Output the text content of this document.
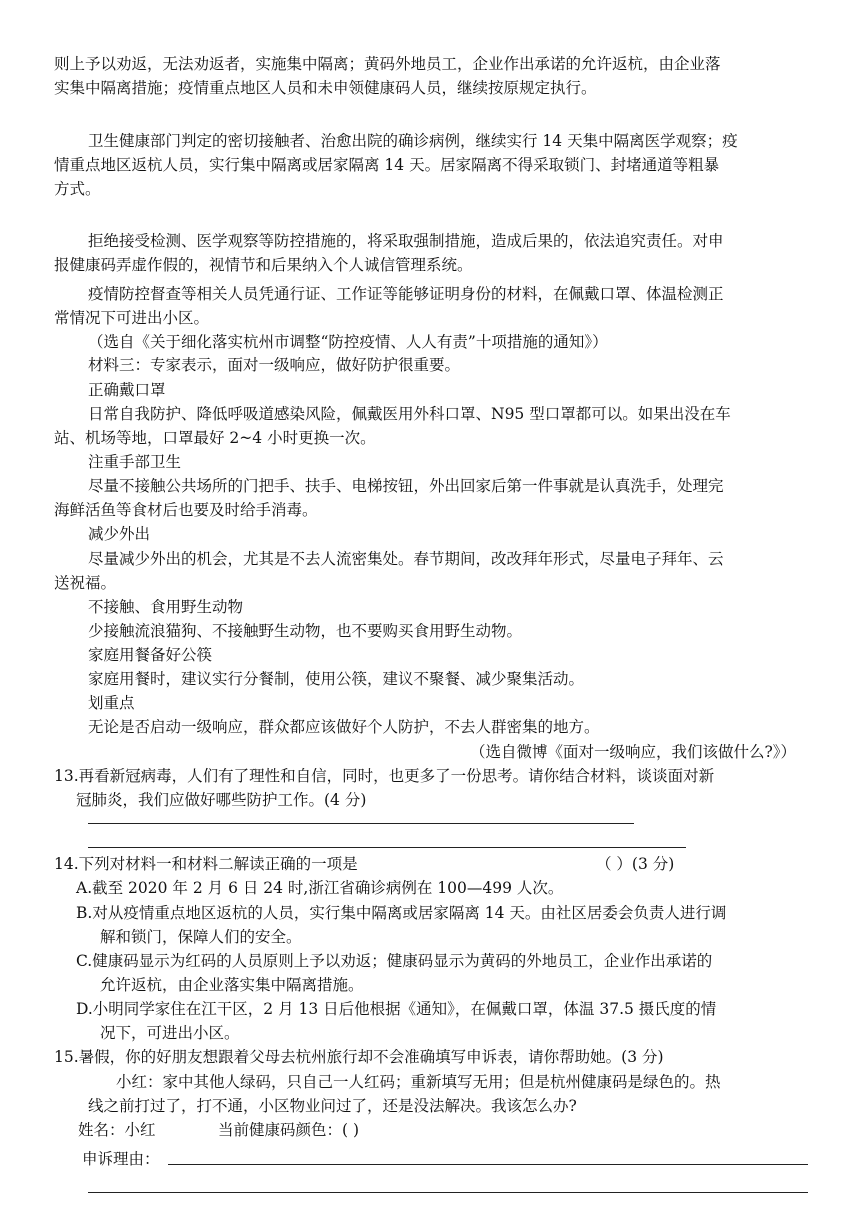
则上予以劝返，无法劝返者，实施集中隔离；黄码外地员工，企业作出承诺的允许返杭，由企业落
实集中隔离措施；疫情重点地区人员和未申领健康码人员，继续按原规定执行。
卫生健康部门判定的密切接触者、治愈出院的确诊病例，继续实行 14 天集中隔离医学观察；疫
情重点地区返杭人员，实行集中隔离或居家隔离 14 天。居家隔离不得采取锁门、封堵通道等粗暴
方式。
拒绝接受检测、医学观察等防控措施的，将采取强制措施，造成后果的，依法追究责任。对申
报健康码弄虚作假的，视情节和后果纳入个人诚信管理系统。
疫情防控督查等相关人员凭通行证、工作证等能够证明身份的材料，在佩戴口罩、体温检测正
常情况下可进出小区。
（选自《关于细化落实杭州市调整“防控疫情、人人有责”十项措施的通知》）
材料三：专家表示，面对一级响应，做好防护很重要。
正确戴口罩
日常自我防护、降低呼吸道感染风险，佩戴医用外科口罩、N95 型口罩都可以。如果出没在车
站、机场等地，口罩最好 2~4 小时更换一次。
注重手部卫生
尽量不接触公共场所的门把手、扶手、电梯按钮，外出回家后第一件事就是认真洗手，处理完
海鲜活鱼等食材后也要及时给手消毒。
减少外出
尽量减少外出的机会，尤其是不去人流密集处。春节期间，改改拜年形式，尽量电子拜年、云
送祝福。
不接触、食用野生动物
少接触流浪猫狗、不接触野生动物，也不要购买食用野生动物。
家庭用餐备好公筷
家庭用餐时，建议实行分餐制，使用公筷，建议不聚餐、减少聚集活动。
划重点
无论是否启动一级响应，群众都应该做好个人防护，不去人群密集的地方。
（选自微博《面对一级响应，我们该做什么?》）
13.再看新冠病毒，人们有了理性和自信，同时，也更多了一份思考。请你结合材料，谈谈面对新
冠肺炎，我们应做好哪些防护工作。(4 分)
14.下列对材料一和材料二解读正确的一项是	（ ）(3 分)
A.截至 2020 年 2 月 6 日 24 时,浙江省确诊病例在 100—499 人次。
B.对从疫情重点地区返杭的人员，实行集中隔离或居家隔离 14 天。由社区居委会负责人进行调
解和锁门，保障人们的安全。
C.健康码显示为红码的人员原则上予以劝返；健康码显示为黄码的外地员工，企业作出承诺的
允许返杭，由企业落实集中隔离措施。
D.小明同学家住在江干区，2 月 13 日后他根据《通知》，在佩戴口罩，体温 37.5 摄氏度的情
况下，可进出小区。
15.暑假，你的好朋友想跟着父母去杭州旅行却不会准确填写申诉表，请你帮助她。(3 分)
小红：家中其他人绿码，只自己一人红码；重新填写无用；但是杭州健康码是绿色的。热
线之前打过了，打不通，小区物业问过了，还是没法解决。我该怎么办?
姓名：小红	当前健康码颜色：( )
申诉理由：
